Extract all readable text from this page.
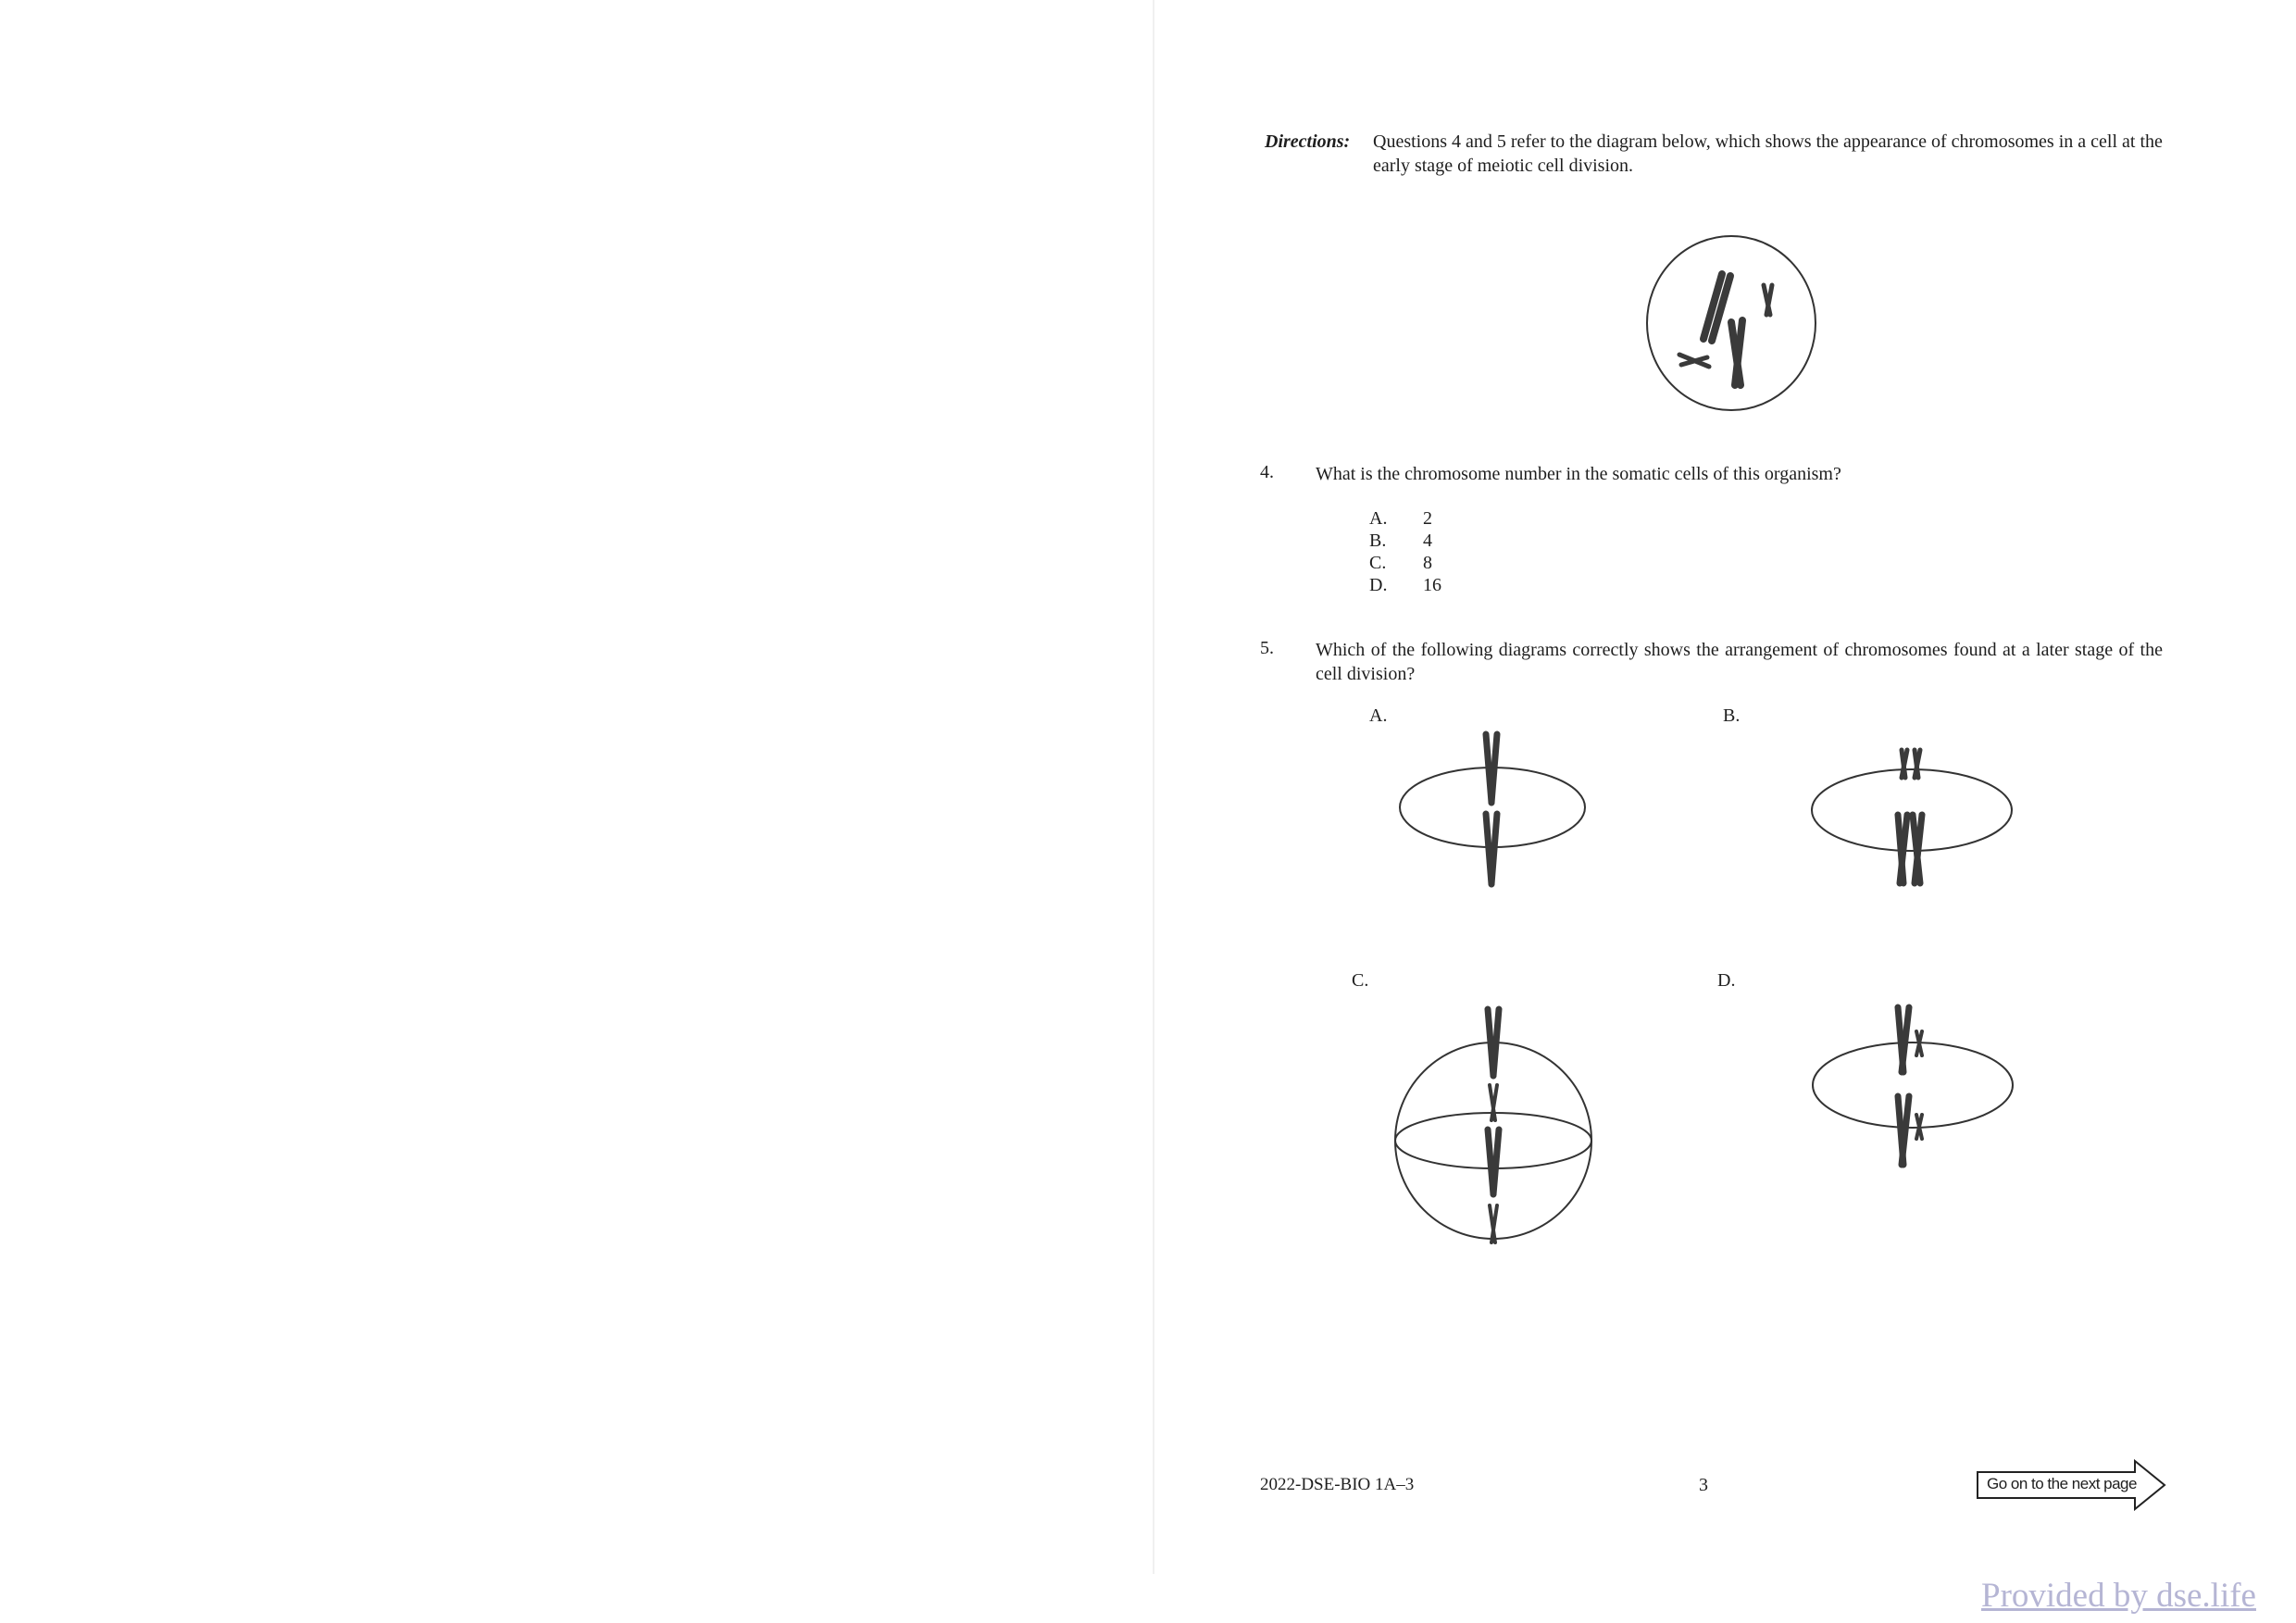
Directions: Questions 4 and 5 refer to the diagram below, which shows the appearance of chromosomes in a cell at the early stage of meiotic cell division.
4. What is the chromosome number in the somatic cells of this organism?
A. 2
B. 4
C. 8
D. 16
5. Which of the following diagrams correctly shows the arrangement of chromosomes found at a later stage of the cell division?
A.	B.
C.	D.
2022-DSE-BIO 1A–3	3	Go on to the next page
Provided by dse.life
